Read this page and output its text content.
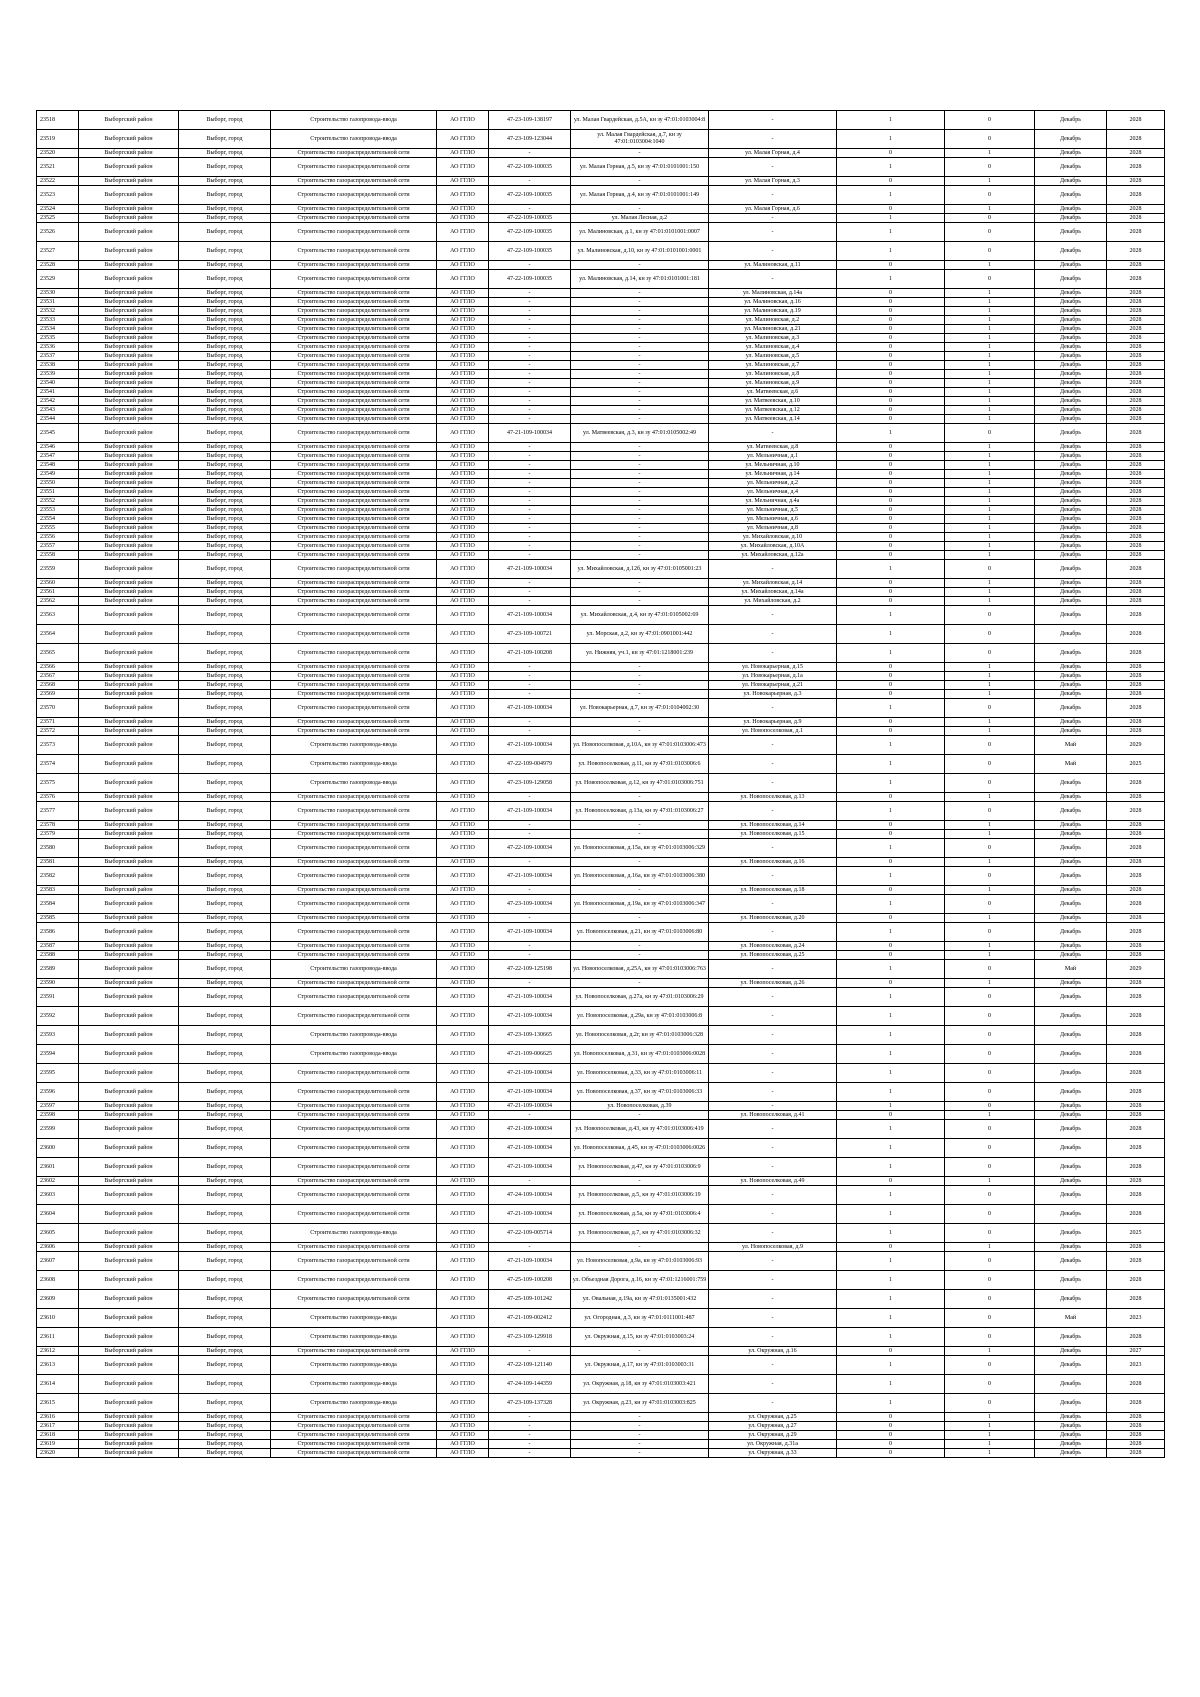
23518	Выборгский район	Выборг, город	Строительство газопровода-ввода	АО ГГЛО	47-23-109-138197	ул. Малая Гвардейская, д.5А, кн зу 47:01:0103004:8	-	1	0	Декабрь	2028
23519	Выборгский район	Выборг, город	Строительство газопровода-ввода	АО ГГЛО	47-23-109-123044	ул. Малая Гвардейская, д.7, кн зу 47:01:0103004:1040	-	1	0	Декабрь	2028
23520	Выборгский район	Выборг, город	Строительство газораспределительной сети	АО ГГЛО	-	-	ул. Малая Горная, д.4	0	1	Декабрь	2028
23521	Выборгский район	Выборг, город	Строительство газораспределительной сети	АО ГГЛО	47-22-109-100035	ул. Малая Горная, д.5, кн зу 47:01:0101001:150	-	1	0	Декабрь	2028
23522	Выборгский район	Выборг, город	Строительство газораспределительной сети	АО ГГЛО	-	-	ул. Малая Горная, д.3	0	1	Декабрь	2028
23523	Выборгский район	Выборг, город	Строительство газораспределительной сети	АО ГГЛО	47-22-109-100035	ул. Малая Горная, д.4, кн зу 47:01:0101001:149	-	1	0	Декабрь	2028
23524	Выборгский район	Выборг, город	Строительство газораспределительной сети	АО ГГЛО	-	-	ул. Малая Горная, д.6	0	1	Декабрь	2028
23525	Выборгский район	Выборг, город	Строительство газораспределительной сети	АО ГГЛО	47-22-109-100035	ул. Малая Лесная, д.2	-	1	0	Декабрь	2028
23526	Выборгский район	Выборг, город	Строительство газораспределительной сети	АО ГГЛО	47-22-109-100035	ул. Малиновская, д.1, кн зу 47:01:0101001:0007	-	1	0	Декабрь	2028
23527	Выборгский район	Выборг, город	Строительство газораспределительной сети	АО ГГЛО	47-22-109-100035	ул. Малиновская, д.10, кн зу 47:01:0101001:0001	-	1	0	Декабрь	2028
23528	Выборгский район	Выборг, город	Строительство газораспределительной сети	АО ГГЛО	-	-	ул. Малиновская, д.11	0	1	Декабрь	2028
23529	Выборгский район	Выборг, город	Строительство газораспределительной сети	АО ГГЛО	47-22-109-100035	ул. Малиновская, д.14, кн зу 47:01:0101001:181	-	1	0	Декабрь	2028
23530	Выборгский район	Выборг, город	Строительство газораспределительной сети	АО ГГЛО	-	-	ул. Малиновская, д.14а	0	1	Декабрь	2028
23531	Выборгский район	Выборг, город	Строительство газораспределительной сети	АО ГГЛО	-	-	ул. Малиновская, д.16	0	1	Декабрь	2028
23532	Выборгский район	Выборг, город	Строительство газораспределительной сети	АО ГГЛО	-	-	ул. Малиновская, д.19	0	1	Декабрь	2028
23533	Выборгский район	Выборг, город	Строительство газораспределительной сети	АО ГГЛО	-	-	ул. Малиновская, д.2	0	1	Декабрь	2028
23534	Выборгский район	Выборг, город	Строительство газораспределительной сети	АО ГГЛО	-	-	ул. Малиновская, д.21	0	1	Декабрь	2028
23535	Выборгский район	Выборг, город	Строительство газораспределительной сети	АО ГГЛО	-	-	ул. Малиновская, д.3	0	1	Декабрь	2028
23536	Выборгский район	Выборг, город	Строительство газораспределительной сети	АО ГГЛО	-	-	ул. Малиновская, д.4	0	1	Декабрь	2028
23537	Выборгский район	Выборг, город	Строительство газораспределительной сети	АО ГГЛО	-	-	ул. Малиновская, д.5	0	1	Декабрь	2028
23538	Выборгский район	Выборг, город	Строительство газораспределительной сети	АО ГГЛО	-	-	ул. Малиновская, д.7	0	1	Декабрь	2028
23539	Выборгский район	Выборг, город	Строительство газораспределительной сети	АО ГГЛО	-	-	ул. Малиновская, д.8	0	1	Декабрь	2028
23540	Выборгский район	Выборг, город	Строительство газораспределительной сети	АО ГГЛО	-	-	ул. Малиновская, д.9	0	1	Декабрь	2028
23541	Выборгский район	Выборг, город	Строительство газораспределительной сети	АО ГГЛО	-	-	ул. Матвеевская, д.6	0	1	Декабрь	2028
23542	Выборгский район	Выборг, город	Строительство газораспределительной сети	АО ГГЛО	-	-	ул. Матвеевская, д.10	0	1	Декабрь	2028
23543	Выборгский район	Выборг, город	Строительство газораспределительной сети	АО ГГЛО	-	-	ул. Матвеевская, д.12	0	1	Декабрь	2028
23544	Выборгский район	Выборг, город	Строительство газораспределительной сети	АО ГГЛО	-	-	ул. Матвеевская, д.14	0	1	Декабрь	2028
23545	Выборгский район	Выборг, город	Строительство газораспределительной сети	АО ГГЛО	47-21-109-100034	ул. Матвеевская, д.3, кн зу 47:01:0105002:49	-	1	0	Декабрь	2028
23546	Выборгский район	Выборг, город	Строительство газораспределительной сети	АО ГГЛО	-	-	ул. Матвеевская, д.8	0	1	Декабрь	2028
23547	Выборгский район	Выборг, город	Строительство газораспределительной сети	АО ГГЛО	-	-	ул. Мельничная, д.1	0	1	Декабрь	2028
23548	Выборгский район	Выборг, город	Строительство газораспределительной сети	АО ГГЛО	-	-	ул. Мельничная, д.10	0	1	Декабрь	2028
23549	Выборгский район	Выборг, город	Строительство газораспределительной сети	АО ГГЛО	-	-	ул. Мельничная, д.14	0	1	Декабрь	2028
23550	Выборгский район	Выборг, город	Строительство газораспределительной сети	АО ГГЛО	-	-	ул. Мельничная, д.2	0	1	Декабрь	2028
23551	Выборгский район	Выборг, город	Строительство газораспределительной сети	АО ГГЛО	-	-	ул. Мельничная, д.4	0	1	Декабрь	2028
23552	Выборгский район	Выборг, город	Строительство газораспределительной сети	АО ГГЛО	-	-	ул. Мельничная, д.4а	0	1	Декабрь	2028
23553	Выборгский район	Выборг, город	Строительство газораспределительной сети	АО ГГЛО	-	-	ул. Мельничная, д.5	0	1	Декабрь	2028
23554	Выборгский район	Выборг, город	Строительство газораспределительной сети	АО ГГЛО	-	-	ул. Мельничная, д.6	0	1	Декабрь	2028
23555	Выборгский район	Выборг, город	Строительство газораспределительной сети	АО ГГЛО	-	-	ул. Мельничная, д.8	0	1	Декабрь	2028
23556	Выборгский район	Выборг, город	Строительство газораспределительной сети	АО ГГЛО	-	-	ул. Михайловская, д.10	0	1	Декабрь	2028
23557	Выборгский район	Выборг, город	Строительство газораспределительной сети	АО ГГЛО	-	-	ул. Михайловская, д.10А	0	1	Декабрь	2028
23558	Выборгский район	Выборг, город	Строительство газораспределительной сети	АО ГГЛО	-	-	ул. Михайловская, д.12а	0	1	Декабрь	2028
23559	Выборгский район	Выборг, город	Строительство газораспределительной сети	АО ГГЛО	47-21-109-100034	ул. Михайловская, д.12б, кн зу 47:01:0105001:23	-	1	0	Декабрь	2028
23560	Выборгский район	Выборг, город	Строительство газораспределительной сети	АО ГГЛО	-	-	ул. Михайловская, д.14	0	1	Декабрь	2028
23561	Выборгский район	Выборг, город	Строительство газораспределительной сети	АО ГГЛО	-	-	ул. Михайловская, д.14а	0	1	Декабрь	2028
23562	Выборгский район	Выборг, город	Строительство газораспределительной сети	АО ГГЛО	-	-	ул. Михайловская, д.2	0	1	Декабрь	2028
23563	Выборгский район	Выборг, город	Строительство газораспределительной сети	АО ГГЛО	47-21-109-100034	ул. Михайловская, д.4, кн зу 47:01:0105002:69	-	1	0	Декабрь	2028
23564	Выборгский район	Выборг, город	Строительство газораспределительной сети	АО ГГЛО	47-23-109-100721	ул. Морская, д.2, кн зу 47:01:0901001:442	-	1	0	Декабрь	2028
23565	Выборгский район	Выборг, город	Строительство газораспределительной сети	АО ГГЛО	47-21-109-100208	ул. Нижняя, уч.1, кн зу 47:01:1218001:239	-	1	0	Декабрь	2028
23566	Выборгский район	Выборг, город	Строительство газораспределительной сети	АО ГГЛО	-	-	ул. Новокарьерная, д.15	0	1	Декабрь	2028
23567	Выборгский район	Выборг, город	Строительство газораспределительной сети	АО ГГЛО	-	-	ул. Новокарьерная, д.1а	0	1	Декабрь	2028
23568	Выборгский район	Выборг, город	Строительство газораспределительной сети	АО ГГЛО	-	-	ул. Новокарьерная, д.21	0	1	Декабрь	2028
23569	Выборгский район	Выборг, город	Строительство газораспределительной сети	АО ГГЛО	-	-	ул. Новокарьерная, д.3	0	1	Декабрь	2028
23570	Выборгский район	Выборг, город	Строительство газораспределительной сети	АО ГГЛО	47-21-109-100034	ул. Новокарьерная, д.7, кн зу 47:01:0104002:30	-	1	0	Декабрь	2028
23571	Выборгский район	Выборг, город	Строительство газораспределительной сети	АО ГГЛО	-	-	ул. Новокарьерная, д.9	0	1	Декабрь	2028
23572	Выборгский район	Выборг, город	Строительство газораспределительной сети	АО ГГЛО	-	-	ул. Новопоселковая, д.1	0	1	Декабрь	2028
23573	Выборгский район	Выборг, город	Строительство газопровода-ввода	АО ГГЛО	47-21-109-100034	ул. Новопоселковая, д.10А, кн зу 47:01:0103006:473	-	1	0	Май	2029
23574	Выборгский район	Выборг, город	Строительство газопровода-ввода	АО ГГЛО	47-22-109-004979	ул. Новопоселковая, д.11, кн зу 47:01:0103006:6	-	1	0	Май	2025
23575	Выборгский район	Выборг, город	Строительство газопровода-ввода	АО ГГЛО	47-23-109-129058	ул. Новопоселковая, д.12, кн зу 47:01:0103006:751	-	1	0	Декабрь	2028
23576	Выборгский район	Выборг, город	Строительство газораспределительной сети	АО ГГЛО	-	-	ул. Новопоселковая, д.13	0	1	Декабрь	2028
23577	Выборгский район	Выборг, город	Строительство газораспределительной сети	АО ГГЛО	47-21-109-100034	ул. Новопоселковая, д.13а, кн зу 47:01:0103006:27	-	1	0	Декабрь	2028
23578	Выборгский район	Выборг, город	Строительство газораспределительной сети	АО ГГЛО	-	-	ул. Новопоселковая, д.14	0	1	Декабрь	2028
23579	Выборгский район	Выборг, город	Строительство газораспределительной сети	АО ГГЛО	-	-	ул. Новопоселковая, д.15	0	1	Декабрь	2028
23580	Выборгский район	Выборг, город	Строительство газораспределительной сети	АО ГГЛО	47-22-109-100034	ул. Новопоселковая, д.15а, кн зу 47:01:0103006:329	-	1	0	Декабрь	2028
23581	Выборгский район	Выборг, город	Строительство газораспределительной сети	АО ГГЛО	-	-	ул. Новопоселковая, д.16	0	1	Декабрь	2028
23582	Выборгский район	Выборг, город	Строительство газораспределительной сети	АО ГГЛО	47-21-109-100034	ул. Новопоселковая, д.16а, кн зу 47:01:0103006:380	-	1	0	Декабрь	2028
23583	Выборгский район	Выборг, город	Строительство газораспределительной сети	АО ГГЛО	-	-	ул. Новопоселковая, д.18	0	1	Декабрь	2028
23584	Выборгский район	Выборг, город	Строительство газораспределительной сети	АО ГГЛО	47-23-109-100034	ул. Новопоселковая, д.19а, кн зу 47:01:0103006:347	-	1	0	Декабрь	2028
23585	Выборгский район	Выборг, город	Строительство газораспределительной сети	АО ГГЛО	-	-	ул. Новопоселковая, д.20	0	1	Декабрь	2028
23586	Выборгский район	Выборг, город	Строительство газораспределительной сети	АО ГГЛО	47-21-109-100034	ул. Новопоселковая, д.21, кн зу 47:01:0103006:80	-	1	0	Декабрь	2028
23587	Выборгский район	Выборг, город	Строительство газораспределительной сети	АО ГГЛО	-	-	ул. Новопоселковая, д.24	0	1	Декабрь	2028
23588	Выборгский район	Выборг, город	Строительство газораспределительной сети	АО ГГЛО	-	-	ул. Новопоселковая, д.25	0	1	Декабрь	2028
23589	Выборгский район	Выборг, город	Строительство газопровода-ввода	АО ГГЛО	47-22-109-125198	ул. Новопоселковая, д.25А, кн зу 47:01:0103006:763	-	1	0	Май	2029
23590	Выборгский район	Выборг, город	Строительство газораспределительной сети	АО ГГЛО	-	-	ул. Новопоселковая, д.26	0	1	Декабрь	2028
23591	Выборгский район	Выборг, город	Строительство газораспределительной сети	АО ГГЛО	47-21-109-100034	ул. Новопоселковая, д.27а, кн зу 47:01:0103006:29	-	1	0	Декабрь	2028
23592	Выборгский район	Выборг, город	Строительство газораспределительной сети	АО ГГЛО	47-21-109-100034	ул. Новопоселковая, д.29а, кн зу 47:01:0103006:8	-	1	0	Декабрь	2028
23593	Выборгский район	Выборг, город	Строительство газопровода-ввода	АО ГГЛО	47-23-109-130665	ул. Новопоселковая, д.2г, кн зу 47:01:0103006:328	-	1	0	Декабрь	2028
23594	Выборгский район	Выборг, город	Строительство газопровода-ввода	АО ГГЛО	47-21-109-006625	ул. Новопоселковая, д.31, кн зу 47:01:0103006:0028	-	1	0	Декабрь	2028
23595	Выборгский район	Выборг, город	Строительство газораспределительной сети	АО ГГЛО	47-21-109-100034	ул. Новопоселковая, д.33, кн зу 47:01:0103006:11	-	1	0	Декабрь	2028
23596	Выборгский район	Выборг, город	Строительство газораспределительной сети	АО ГГЛО	47-21-109-100034	ул. Новопоселковая, д.37, кн зу 47:01:0103006:33	-	1	0	Декабрь	2028
23597	Выборгский район	Выборг, город	Строительство газораспределительной сети	АО ГГЛО	47-21-109-100034	ул. Новопоселковая, д.39	-	1	0	Декабрь	2028
23598	Выборгский район	Выборг, город	Строительство газораспределительной сети	АО ГГЛО	-	-	ул. Новопоселковая, д.41	0	1	Декабрь	2028
23599	Выборгский район	Выборг, город	Строительство газораспределительной сети	АО ГГЛО	47-21-109-100034	ул. Новопоселковая, д.43, кн зу 47:01:0103006:419	-	1	0	Декабрь	2028
23600	Выборгский район	Выборг, город	Строительство газораспределительной сети	АО ГГЛО	47-21-109-100034	ул. Новопоселковая, д.45, кн зу 47:01:0103006:0026	-	1	0	Декабрь	2028
23601	Выборгский район	Выборг, город	Строительство газораспределительной сети	АО ГГЛО	47-21-109-100034	ул. Новопоселковая, д.47, кн зу 47:01:0103006:9	-	1	0	Декабрь	2028
23602	Выборгский район	Выборг, город	Строительство газораспределительной сети	АО ГГЛО	-	-	ул. Новопоселковая, д.49	0	1	Декабрь	2028
23603	Выборгский район	Выборг, город	Строительство газораспределительной сети	АО ГГЛО	47-24-109-100034	ул. Новопоселковая, д.5, кн зу 47:01:0103006:19	-	1	0	Декабрь	2028
23604	Выборгский район	Выборг, город	Строительство газораспределительной сети	АО ГГЛО	47-21-109-100034	ул. Новопоселковая, д.5а, кн зу 47:01:0103006:4	-	1	0	Декабрь	2028
23605	Выборгский район	Выборг, город	Строительство газопровода-ввода	АО ГГЛО	47-22-109-005714	ул. Новопоселковая, д.7, кн зу 47:01:0103006:32	-	1	0	Декабрь	2025
23606	Выборгский район	Выборг, город	Строительство газораспределительной сети	АО ГГЛО	-	-	ул. Новопоселковая, д.9	0	1	Декабрь	2028
23607	Выборгский район	Выборг, город	Строительство газораспределительной сети	АО ГГЛО	47-21-109-100034	ул. Новопоселковая, д.9а, кн зу 47:01:0103006:93	-	1	0	Декабрь	2028
23608	Выборгский район	Выборг, город	Строительство газораспределительной сети	АО ГГЛО	47-25-109-100208	ул. Объездная Дорога, д.16, кн зу 47:01:1216001:759	-	1	0	Декабрь	2028
23609	Выборгский район	Выборг, город	Строительство газораспределительной сети	АО ГГЛО	47-25-109-101242	ул. Овальная, д.19а, кн зу 47:01:0135001:432	-	1	0	Декабрь	2028
23610	Выборгский район	Выборг, город	Строительство газопровода-ввода	АО ГГЛО	47-21-109-002412	ул. Огородная, д.3, кн зу 47:01:0111001:487	-	1	0	Май	2023
23611	Выборгский район	Выборг, город	Строительство газопровода-ввода	АО ГГЛО	47-23-109-129918	ул. Окружная, д.15, кн зу 47:01:0103003:24	-	1	0	Декабрь	2028
23612	Выборгский район	Выборг, город	Строительство газораспределительной сети	АО ГГЛО	-	-	ул. Окружная, д.16	0	1	Декабрь	2027
23613	Выборгский район	Выборг, город	Строительство газопровода-ввода	АО ГГЛО	47-22-109-121140	ул. Окружная, д.17, кн зу 47:01:0103003:31	-	1	0	Декабрь	2023
23614	Выборгский район	Выборг, город	Строительство газопровода-ввода	АО ГГЛО	47-24-109-144359	ул. Окружная, д.18, кн зу 47:01:0103003:421	-	1	0	Декабрь	2028
23615	Выборгский район	Выборг, город	Строительство газопровода-ввода	АО ГГЛО	47-23-109-137328	ул. Окружная, д.23, кн зу 47:01:0103003:825	-	1	0	Декабрь	2028
23616	Выборгский район	Выборг, город	Строительство газораспределительной сети	АО ГГЛО	-	-	ул. Окружная, д.25	0	1	Декабрь	2028
23617	Выборгский район	Выборг, город	Строительство газораспределительной сети	АО ГГЛО	-	-	ул. Окружная, д.27	0	1	Декабрь	2028
23618	Выборгский район	Выборг, город	Строительство газораспределительной сети	АО ГГЛО	-	-	ул. Окружная, д.29	0	1	Декабрь	2028
23619	Выборгский район	Выборг, город	Строительство газораспределительной сети	АО ГГЛО	-	-	ул. Окружная, д.31а	0	1	Декабрь	2028
23620	Выборгский район	Выборг, город	Строительство газораспределительной сети	АО ГГЛО	-	-	ул. Окружная, д.33	0	1	Декабрь	2028
